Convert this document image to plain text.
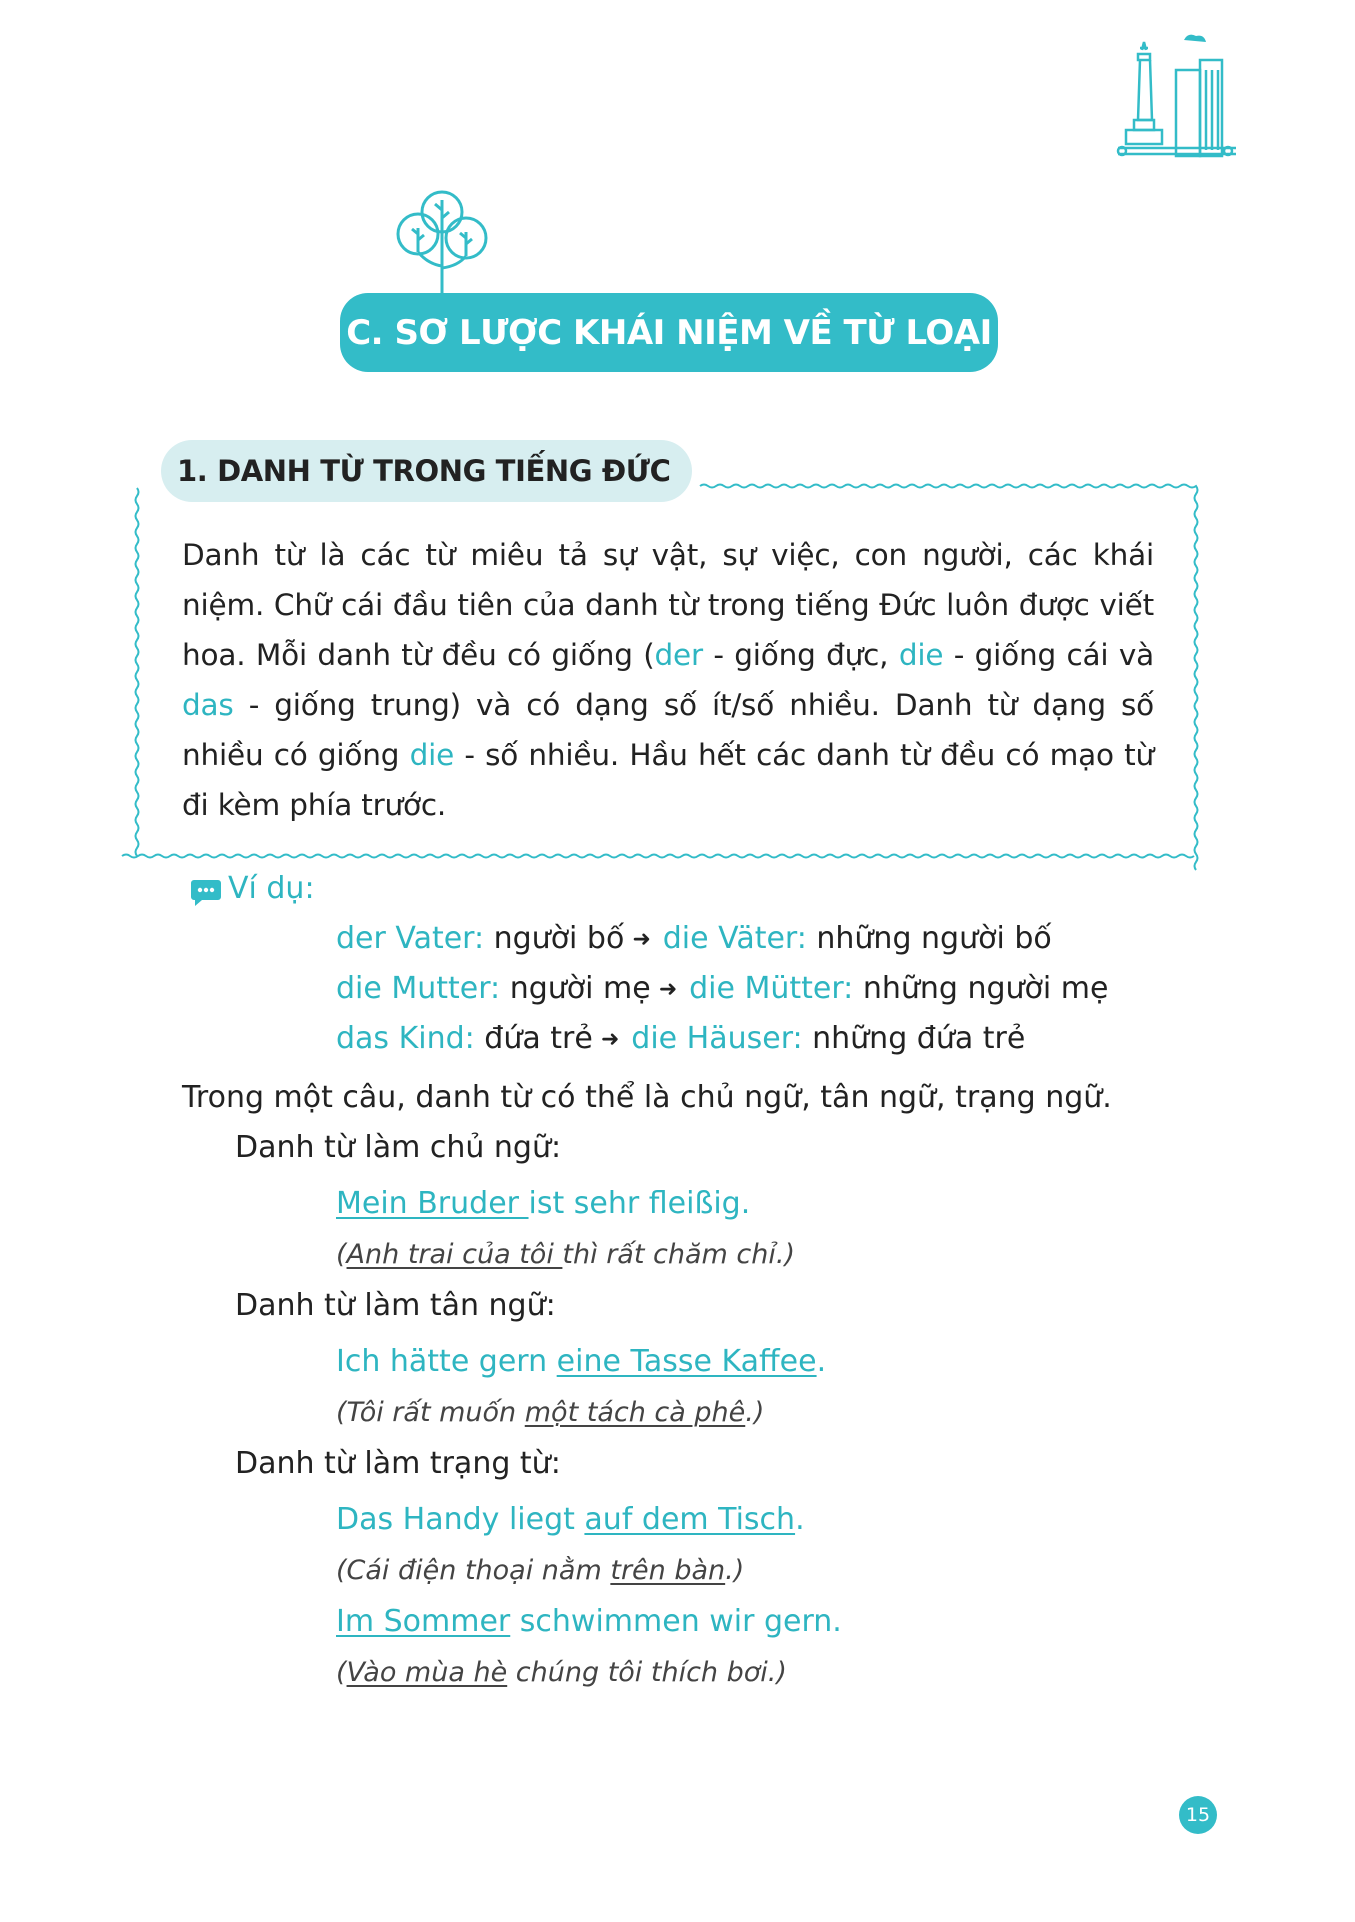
C. SƠ LƯỢC KHÁI NIỆM VỀ TỪ LOẠI
1. DANH TỪ TRONG TIẾNG ĐỨC
Danh từ là các từ miêu tả sự vật, sự việc, con người, các khái niệm. Chữ cái đầu tiên của danh từ trong tiếng Đức luôn được viết hoa. Mỗi danh từ đều có giống (der - giống đực, die - giống cái và das - giống trung) và có dạng số ít/số nhiều. Danh từ dạng số nhiều có giống die - số nhiều. Hầu hết các danh từ đều có mạo từ đi kèm phía trước.
Ví dụ:
der Vater: người bố ➜ die Väter: những người bố
die Mutter: người mẹ ➜ die Mütter: những người mẹ
das Kind: đứa trẻ ➜ die Häuser: những đứa trẻ
Trong một câu, danh từ có thể là chủ ngữ, tân ngữ, trạng ngữ.
Danh từ làm chủ ngữ:
Mein Bruder ist sehr fleißig.
(Anh trai của tôi thì rất chăm chỉ.)
Danh từ làm tân ngữ:
Ich hätte gern eine Tasse Kaffee.
(Tôi rất muốn một tách cà phê.)
Danh từ làm trạng từ:
Das Handy liegt auf dem Tisch.
(Cái điện thoại nằm trên bàn.)
Im Sommer schwimmen wir gern.
(Vào mùa hè chúng tôi thích bơi.)
15
